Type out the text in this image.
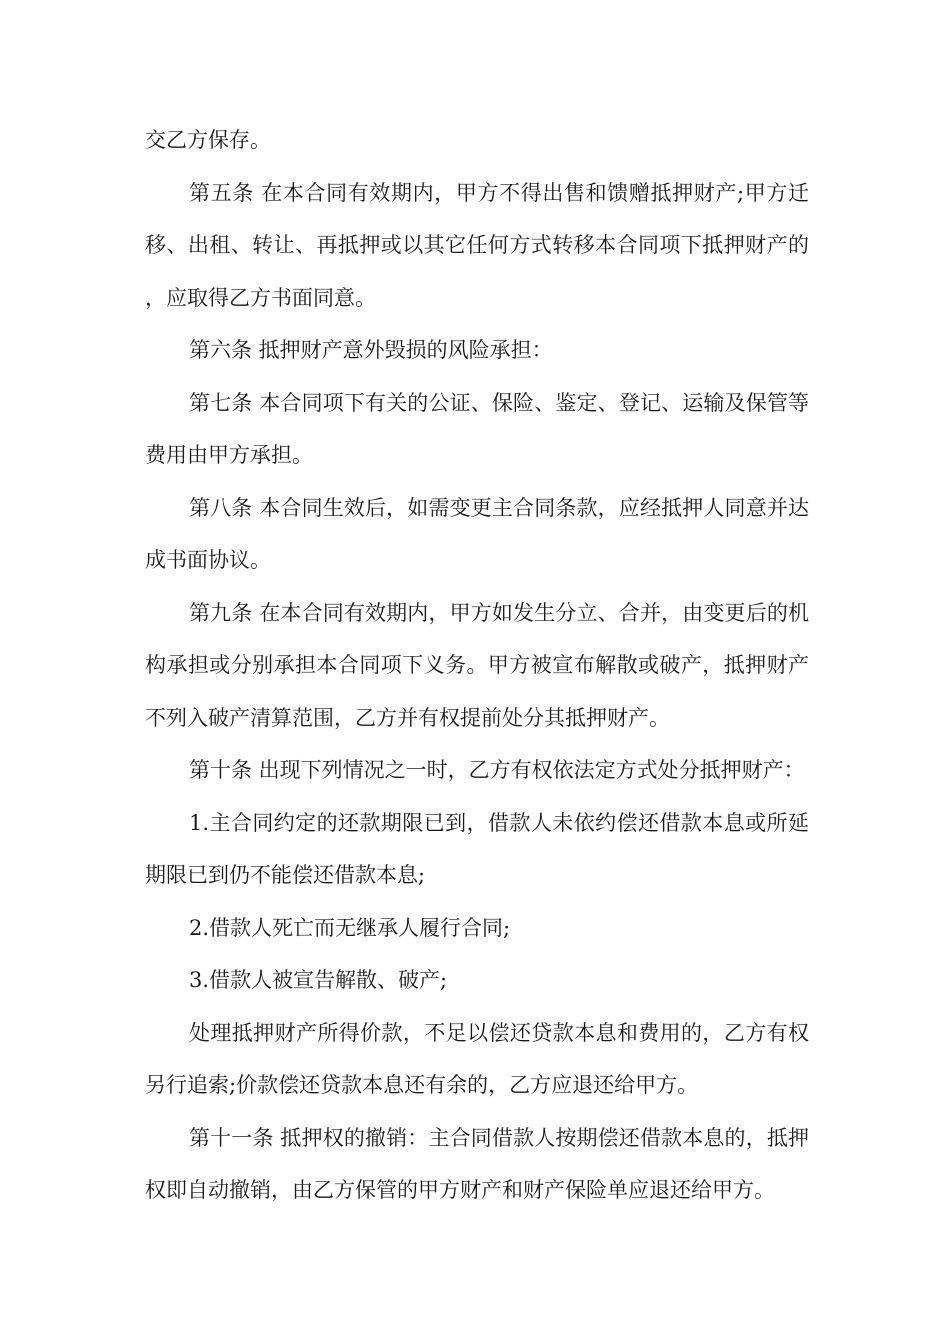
交乙方保存。

第五条 在本合同有效期内，甲方不得出售和馈赠抵押财产;甲方迁移、出租、转让、再抵押或以其它任何方式转移本合同项下抵押财产的，应取得乙方书面同意。

第六条 抵押财产意外毁损的风险承担：

第七条 本合同项下有关的公证、保险、鉴定、登记、运输及保管等费用由甲方承担。

第八条 本合同生效后，如需变更主合同条款，应经抵押人同意并达成书面协议。

第九条 在本合同有效期内，甲方如发生分立、合并，由变更后的机构承担或分别承担本合同项下义务。甲方被宣布解散或破产，抵押财产不列入破产清算范围，乙方并有权提前处分其抵押财产。

第十条 出现下列情况之一时，乙方有权依法定方式处分抵押财产：

1.主合同约定的还款期限已到，借款人未依约偿还借款本息或所延期限已到仍不能偿还借款本息;

2.借款人死亡而无继承人履行合同;

3.借款人被宣告解散、破产;

处理抵押财产所得价款，不足以偿还贷款本息和费用的，乙方有权另行追索;价款偿还贷款本息还有余的，乙方应退还给甲方。

第十一条 抵押权的撤销：主合同借款人按期偿还借款本息的，抵押权即自动撤销，由乙方保管的甲方财产和财产保险单应退还给甲方。
